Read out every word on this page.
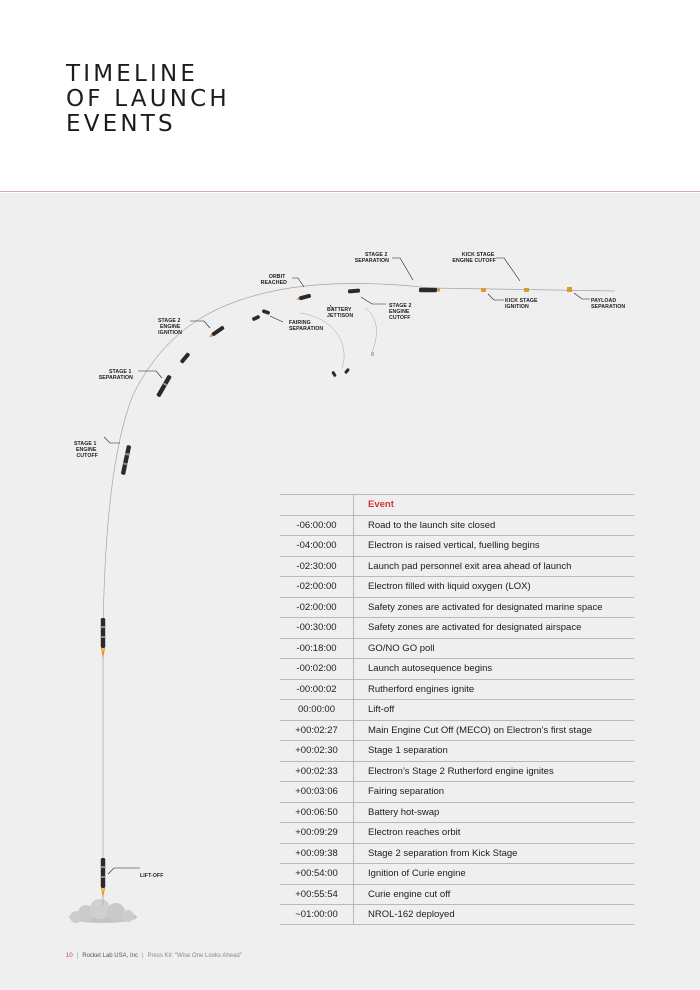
TIMELINE
OF LAUNCH
EVENTS
LIFT-OFF
STAGE 1 ENGINE CUTOFF
STAGE 1 SEPARATION
STAGE 2 ENGINE IGNITION
ORBIT REACHED
STAGE 2 SEPARATION
KICK STAGE ENGINE CUTOFF
FAIRING SEPARATION
BATTERY JETTISON
STAGE 2 ENGINE CUTOFF
KICK STAGE IGNITION
PAYLOAD SEPARATION
Event
-06:00:00	Road to the launch site closed
-04:00:00	Electron is raised vertical, fuelling begins
-02:30:00	Launch pad personnel exit area ahead of launch
-02:00:00	Electron filled with liquid oxygen (LOX)
-02:00:00	Safety zones are activated for designated marine space
-00:30:00	Safety zones are activated for designated airspace
-00:18:00	GO/NO GO poll
-00:02:00	Launch autosequence begins
-00:00:02	Rutherford engines ignite
00:00:00	Lift-off
+00:02:27	Main Engine Cut Off (MECO) on Electron’s first stage
+00:02:30	Stage 1 separation
+00:02:33	Electron’s Stage 2 Rutherford engine ignites
+00:03:06	Fairing separation
+00:06:50	Battery hot-swap
+00:09:29	Electron reaches orbit
+00:09:38	Stage 2 separation from Kick Stage
+00:54:00	Ignition of Curie engine
+00:55:54	Curie engine cut off
~01:00:00	NROL-162 deployed
10 | Rocket Lab USA, Inc | Press Kit: "Wise One Looks Ahead"
